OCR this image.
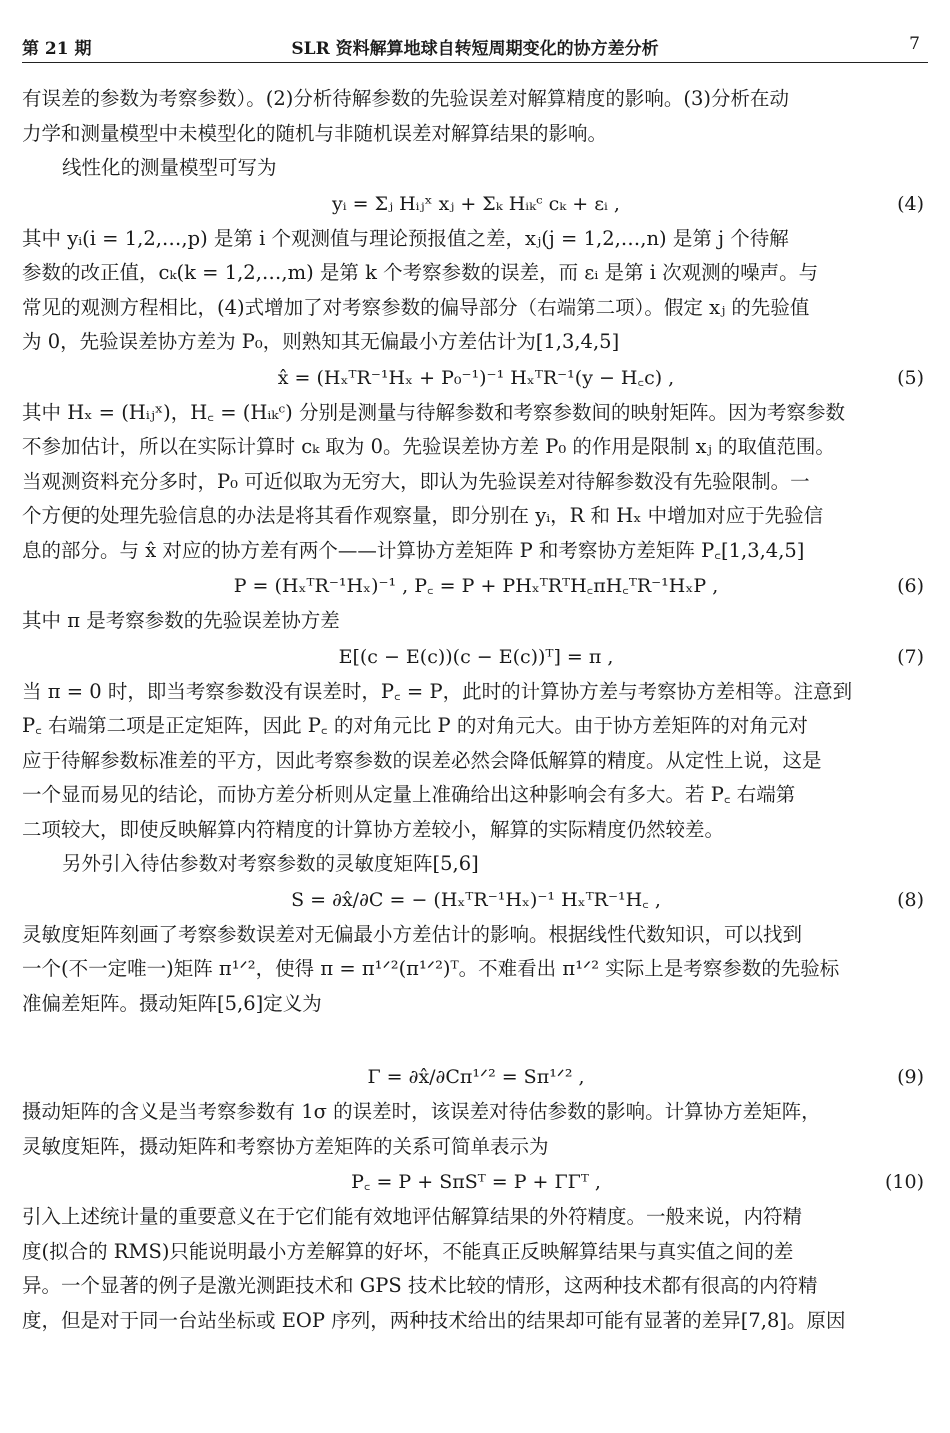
第 21 期	SLR 资料解算地球自转短周期变化的协方差分析	7
有误差的参数为考察参数）。(2)分析待解参数的先验误差对解算精度的影响。(3)分析在动
力学和测量模型中未模型化的随机与非随机误差对解算结果的影响。
线性化的测量模型可写为
yᵢ = Σⱼ Hᵢⱼˣ xⱼ + Σₖ Hᵢₖᶜ cₖ + εᵢ ,	(4)
其中 yᵢ(i = 1,2,…,p) 是第 i 个观测值与理论预报值之差，xⱼ(j = 1,2,…,n) 是第 j 个待解
参数的改正值，cₖ(k = 1,2,…,m) 是第 k 个考察参数的误差，而 εᵢ 是第 i 次观测的噪声。与
常见的观测方程相比，(4)式增加了对考察参数的偏导部分（右端第二项）。假定 xⱼ 的先验值
为 0，先验误差协方差为 P₀，则熟知其无偏最小方差估计为[1,3,4,5]
x̂ = (HₓᵀR⁻¹Hₓ + P₀⁻¹)⁻¹ HₓᵀR⁻¹(y − H꜀c) ,	(5)
其中 Hₓ = (Hᵢⱼˣ)，H꜀ = (Hᵢₖᶜ) 分别是测量与待解参数和考察参数间的映射矩阵。因为考察参数
不参加估计，所以在实际计算时 cₖ 取为 0。先验误差协方差 P₀ 的作用是限制 xⱼ 的取值范围。
当观测资料充分多时，P₀ 可近似取为无穷大，即认为先验误差对待解参数没有先验限制。一
个方便的处理先验信息的办法是将其看作观察量，即分别在 yᵢ，R 和 Hₓ 中增加对应于先验信
息的部分。与 x̂ 对应的协方差有两个——计算协方差矩阵 P 和考察协方差矩阵 P꜀[1,3,4,5]
P = (HₓᵀR⁻¹Hₓ)⁻¹ , P꜀ = P + PHₓᵀRᵀH꜀πH꜀ᵀR⁻¹HₓP ,	(6)
其中 π 是考察参数的先验误差协方差
E[(c − E(c))(c − E(c))ᵀ] = π ,	(7)
当 π = 0 时，即当考察参数没有误差时，P꜀ = P，此时的计算协方差与考察协方差相等。注意到
P꜀ 右端第二项是正定矩阵，因此 P꜀ 的对角元比 P 的对角元大。由于协方差矩阵的对角元对
应于待解参数标准差的平方，因此考察参数的误差必然会降低解算的精度。从定性上说，这是
一个显而易见的结论，而协方差分析则从定量上准确给出这种影响会有多大。若 P꜀ 右端第
二项较大，即使反映解算内符精度的计算协方差较小，解算的实际精度仍然较差。
另外引入待估参数对考察参数的灵敏度矩阵[5,6]
S = ∂x̂/∂C = − (HₓᵀR⁻¹Hₓ)⁻¹ HₓᵀR⁻¹H꜀ ,	(8)
灵敏度矩阵刻画了考察参数误差对无偏最小方差估计的影响。根据线性代数知识，可以找到
一个(不一定唯一)矩阵 π¹ᐟ²，使得 π = π¹ᐟ²(π¹ᐟ²)ᵀ。不难看出 π¹ᐟ² 实际上是考察参数的先验标
准偏差矩阵。摄动矩阵[5,6]定义为
Γ = ∂x̂/∂Cπ¹ᐟ² = Sπ¹ᐟ² ,	(9)
摄动矩阵的含义是当考察参数有 1σ 的误差时，该误差对待估参数的影响。计算协方差矩阵，
灵敏度矩阵，摄动矩阵和考察协方差矩阵的关系可简单表示为
P꜀ = P + SπSᵀ = P + ΓΓᵀ ,	(10)
引入上述统计量的重要意义在于它们能有效地评估解算结果的外符精度。一般来说，内符精
度(拟合的 RMS)只能说明最小方差解算的好坏，不能真正反映解算结果与真实值之间的差
异。一个显著的例子是激光测距技术和 GPS 技术比较的情形，这两种技术都有很高的内符精
度，但是对于同一台站坐标或 EOP 序列，两种技术给出的结果却可能有显著的差异[7,8]。原因
